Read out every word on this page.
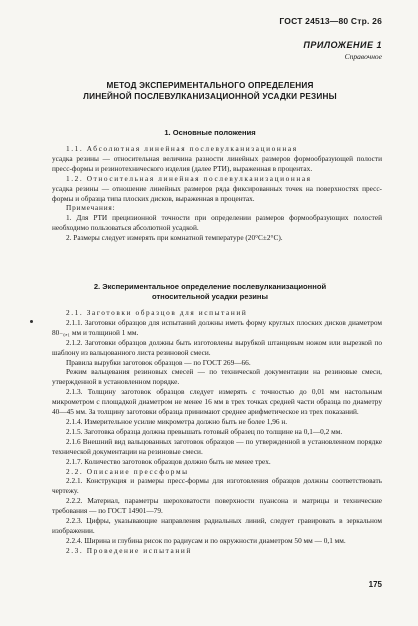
ГОСТ 24513—80 Стр. 26
ПРИЛОЖЕНИЕ 1
Справочное
МЕТОД ЭКСПЕРИМЕНТАЛЬНОГО ОПРЕДЕЛЕНИЯ
ЛИНЕЙНОЙ ПОСЛЕВУЛКАНИЗАЦИОННОЙ УСАДКИ РЕЗИНЫ
1. Основные положения

1.1. Абсолютная линейная послевулканизационная

усадка резины — относительная величина разности линейных размеров формообразующей полости пресс-формы и резинотехнического изделия (далее РТИ), выраженная в процентах.

1.2. Относительная линейная послевулканизационная

усадка резины — отношение линейных размеров ряда фиксированных точек на поверхностях пресс-формы и образца типа плоских дисков, выраженная в процентах.

Примечания:

1. Для РТИ прецизионной точности при определении размеров формообразующих полостей необходимо пользоваться абсолютной усадкой.

2. Размеры следует измерять при комнатной температуре (20°С±2°С).

2. Экспериментальное определение послевулканизационной
относительной усадки резины

2.1. Заготовки образцов для испытаний

2.1.1. Заготовки образцов для испытаний должны иметь форму круглых плоских дисков диаметром 80₋₀,₁ мм и толщиной 1 мм.

2.1.2. Заготовки образцов должны быть изготовлены вырубкой штанцевым ножом или вырезкой по шаблону из вальцованного листа резиновой смеси.

Правила вырубки заготовок образцов — по ГОСТ 269—66.

Режим вальцевания резиновых смесей — по технической документации на резиновые смеси, утвержденной в установленном порядке.

2.1.3. Толщину заготовок образцов следует измерять с точностью до 0,01 мм настольным микрометром с площадкой диаметром не менее 16 мм в трех точках средней части образца по диаметру 40—45 мм. За толщину заготовки образца принимают среднее арифметическое из трех показаний.

2.1.4. Измерительное усилие микрометра должно быть не более 1,96 н.

2.1.5. Заготовка образца должна превышать готовый образец по толщине на 0,1—0,2 мм.

2.1.6 Внешний вид вальцованных заготовок образцов — по утвержденной в установленном порядке технической документации на резиновые смеси.

2.1.7. Количество заготовок образцов должно быть не менее трех.

2.2. Описание прессформы

2.2.1. Конструкция и размеры пресс-формы для изготовления образцов должны соответствовать чертежу.

2.2.2. Материал, параметры шероховатости поверхности пуансона и матрицы и технические требования — по ГОСТ 14901—79.

2.2.3. Цифры, указывающие направления радиальных линий, следует гравировать в зеркальном изображении.

2.2.4. Ширина и глубина рисок по радиусам и по окружности диаметром 50 мм — 0,1 мм.

2.3. Проведение испытаний

175
